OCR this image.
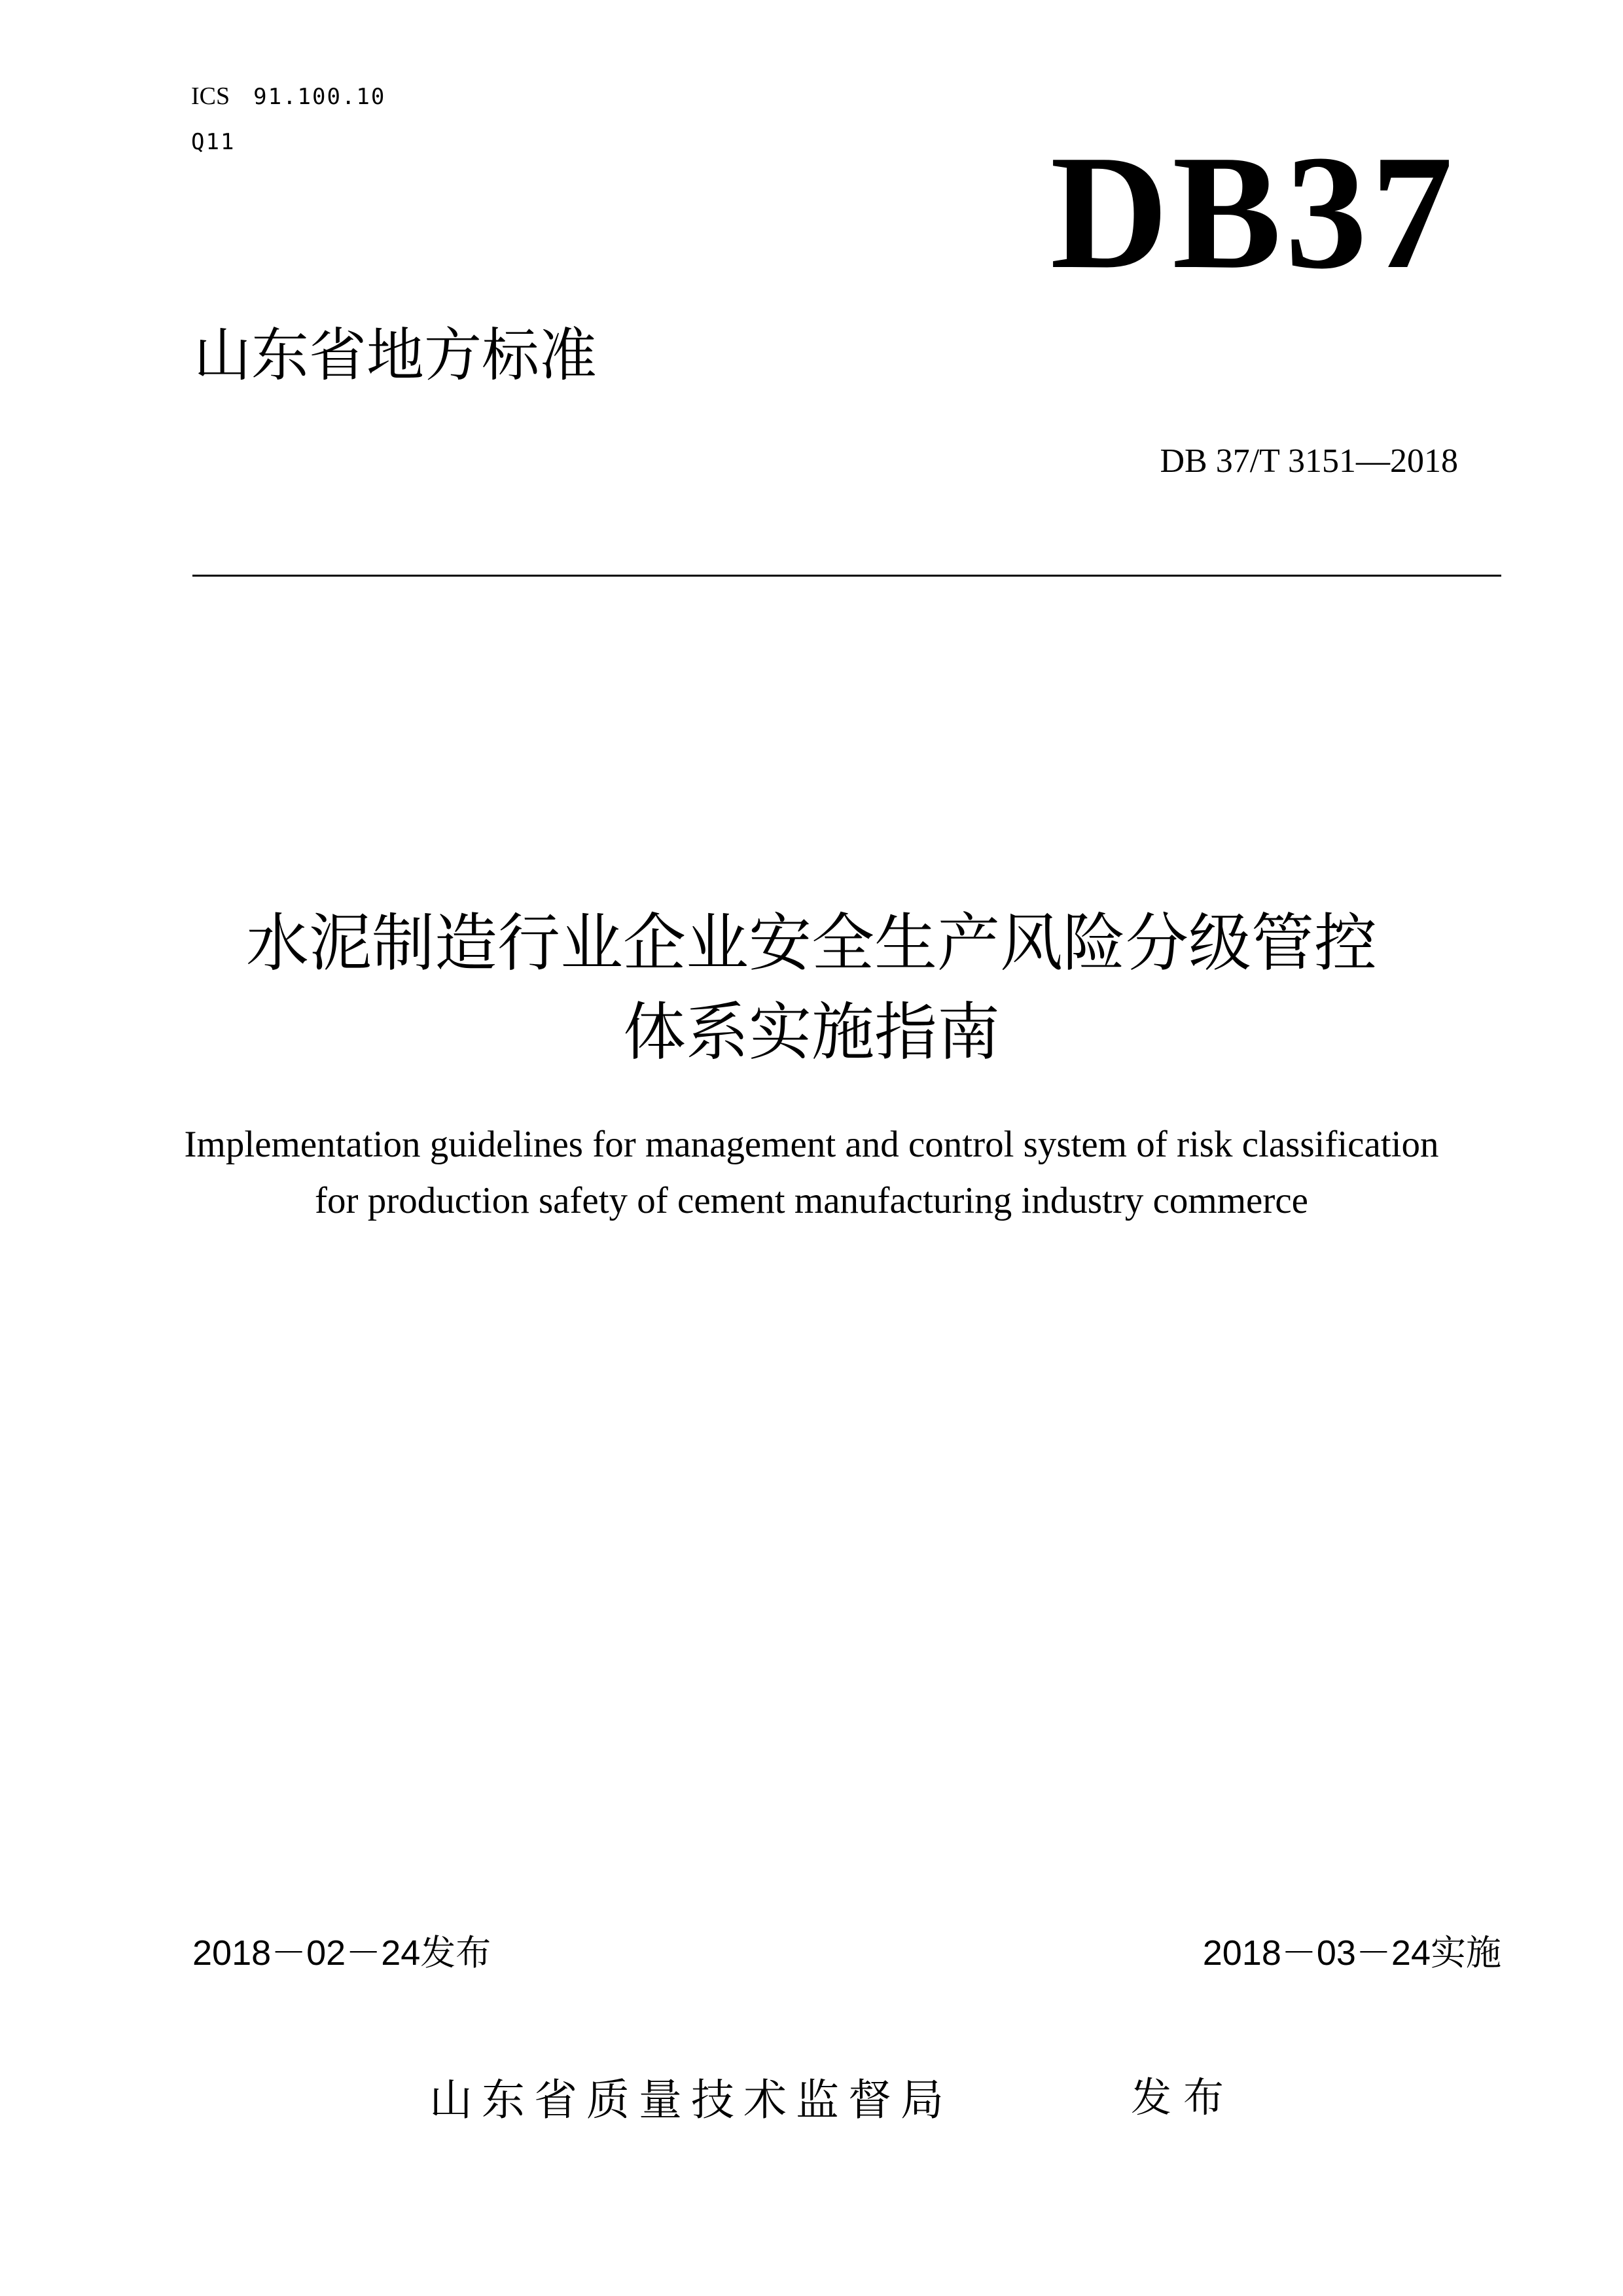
ICS 91.100.10
Q11	DB37
山东省地方标准
DB 37/T 3151—2018
水泥制造行业企业安全生产风险分级管控
体系实施指南
Implementation guidelines for management and control system of risk classification
for production safety of cement manufacturing industry commerce
2018－02－24发布	2018－03－24实施
山东省质量技术监督局	发布
